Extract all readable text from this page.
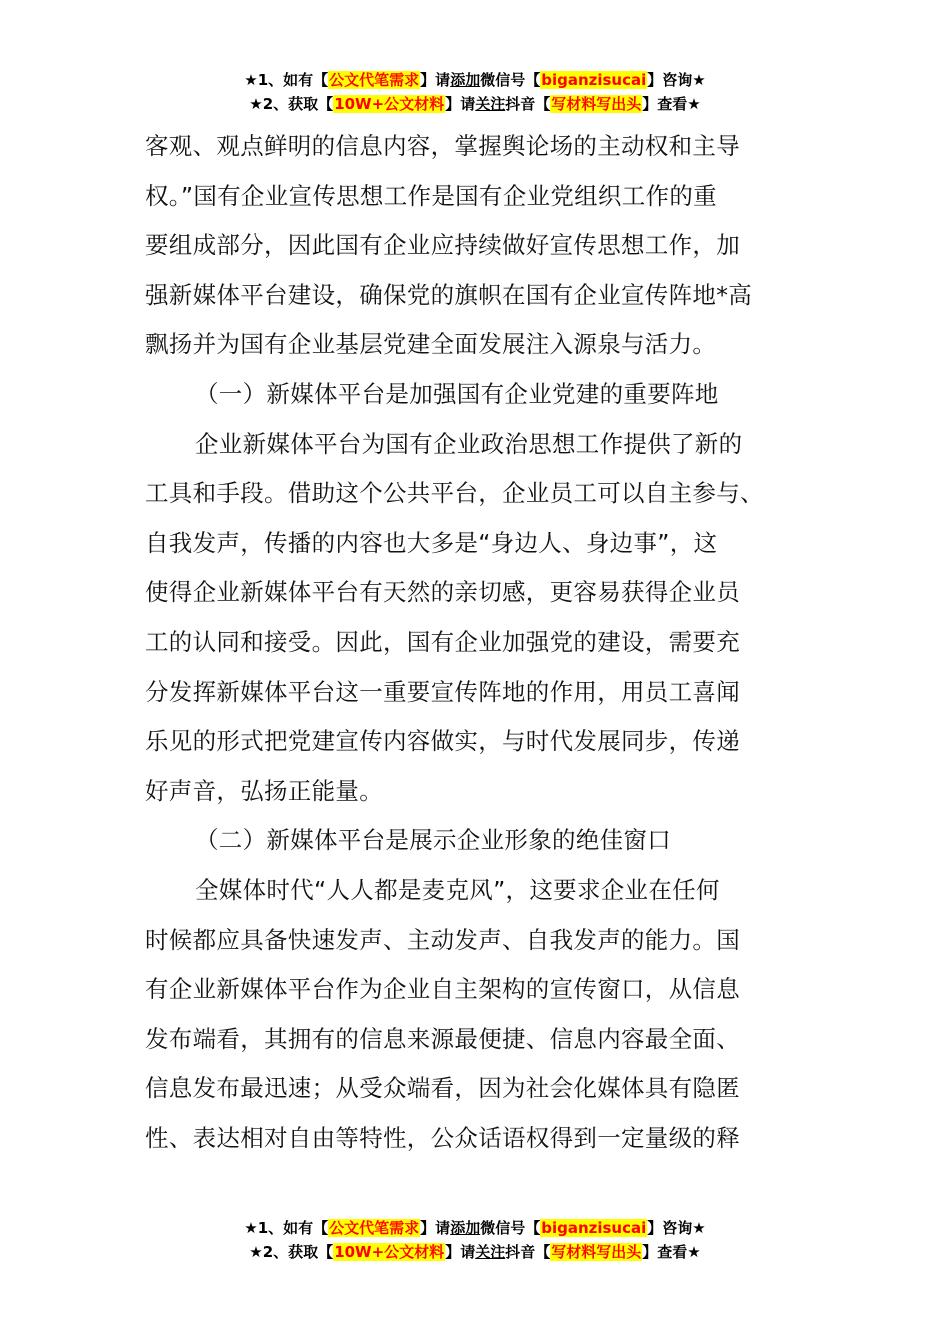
★1、如有【公文代笔需求】请添加微信号【biganzisucai】咨询★
★2、获取【10W+公文材料】请关注抖音【写材料写出头】查看★
客观、观点鲜明的信息内容，掌握舆论场的主动权和主导
权。”国有企业宣传思想工作是国有企业党组织工作的重
要组成部分，因此国有企业应持续做好宣传思想工作，加
强新媒体平台建设，确保党的旗帜在国有企业宣传阵地*高
飘扬并为国有企业基层党建全面发展注入源泉与活力。
（一）新媒体平台是加强国有企业党建的重要阵地
企业新媒体平台为国有企业政治思想工作提供了新的
工具和手段。借助这个公共平台，企业员工可以自主参与、
自我发声，传播的内容也大多是“身边人、身边事”，这
使得企业新媒体平台有天然的亲切感，更容易获得企业员
工的认同和接受。因此，国有企业加强党的建设，需要充
分发挥新媒体平台这一重要宣传阵地的作用，用员工喜闻
乐见的形式把党建宣传内容做实，与时代发展同步，传递
好声音，弘扬正能量。
（二）新媒体平台是展示企业形象的绝佳窗口
全媒体时代“人人都是麦克风”，这要求企业在任何
时候都应具备快速发声、主动发声、自我发声的能力。国
有企业新媒体平台作为企业自主架构的宣传窗口，从信息
发布端看，其拥有的信息来源最便捷、信息内容最全面、
信息发布最迅速；从受众端看，因为社会化媒体具有隐匿
性、表达相对自由等特性，公众话语权得到一定量级的释
★1、如有【公文代笔需求】请添加微信号【biganzisucai】咨询★
★2、获取【10W+公文材料】请关注抖音【写材料写出头】查看★
